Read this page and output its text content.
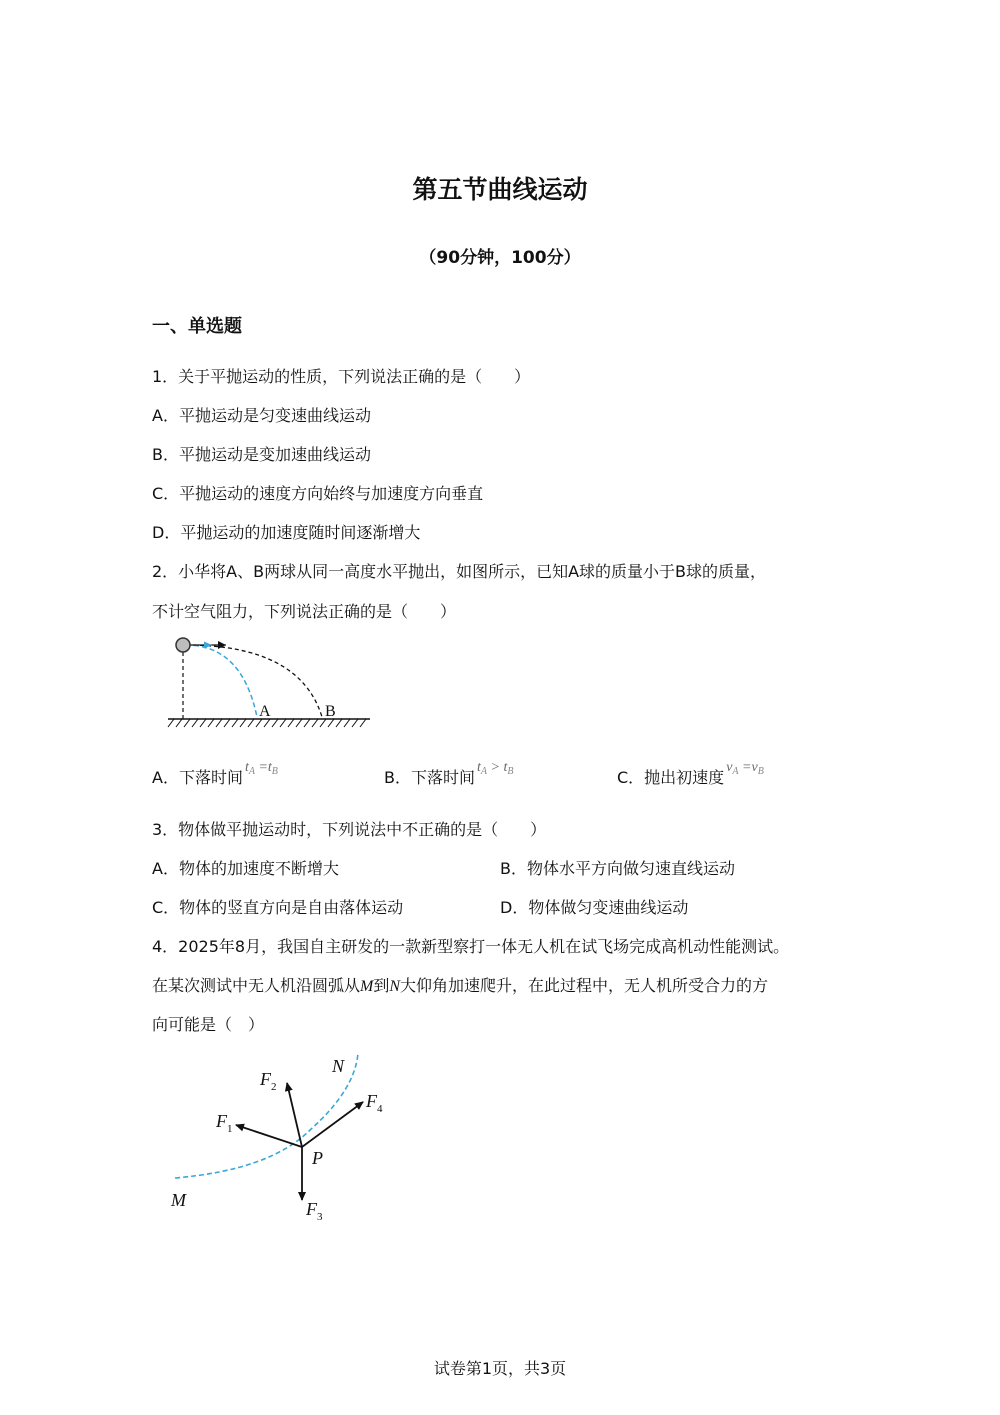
第五节曲线运动
（90分钟，100分）
一、单选题
1．关于平抛运动的性质，下列说法正确的是（　　）
A．平抛运动是匀变速曲线运动
B．平抛运动是变加速曲线运动
C．平抛运动的速度方向始终与加速度方向垂直
D．平抛运动的加速度随时间逐渐增大
2．小华将A、B两球从同一高度水平抛出，如图所示，已知A球的质量小于B球的质量，
不计空气阻力，下列说法正确的是（　　）
A	B
A．下落时间$t_A =t_B$	B．下落时间$t_A > t_B$	C．抛出初速度$v_A =v_B$
3．物体做平抛运动时，下列说法中不正确的是（　　）
A．物体的加速度不断增大	B．物体水平方向做匀速直线运动
C．物体的竖直方向是自由落体运动	D．物体做匀变速曲线运动
4．2025年8月，我国自主研发的一款新型察打一体无人机在试飞场完成高机动性能测试。
在某次测试中无人机沿圆弧从M到N大仰角加速爬升，在此过程中，无人机所受合力的方
向可能是（　）
N
M
P
$F_1$
$F_2$
$F_3$
$F_4$
试卷第1页，共3页
